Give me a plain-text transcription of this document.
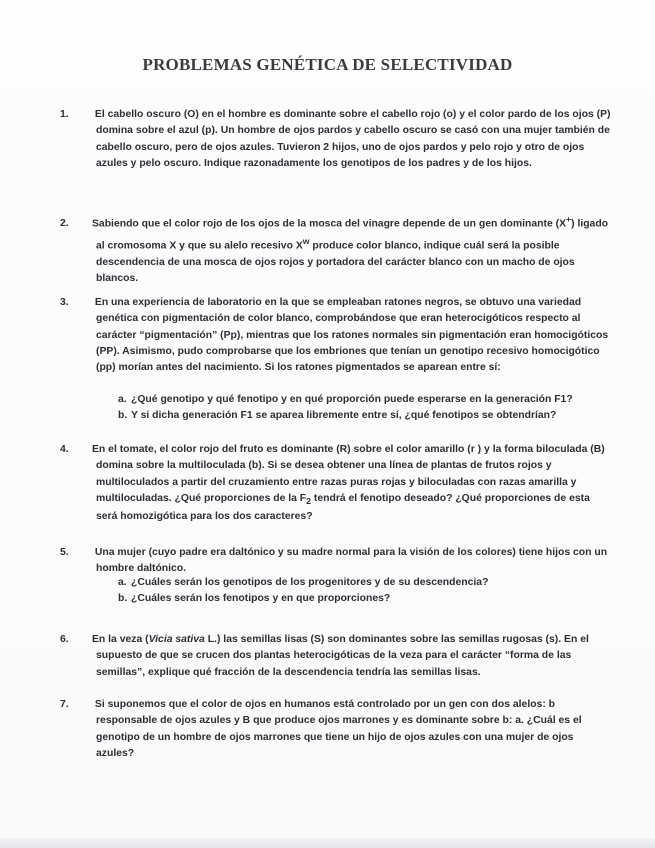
PROBLEMAS GENÉTICA DE SELECTIVIDAD

1.	El cabello oscuro (O) en el hombre es dominante sobre el cabello rojo (o) y el color pardo de los ojos (P) domina sobre el azul (p). Un hombre de ojos pardos y cabello oscuro se casó con una mujer también de cabello oscuro, pero de ojos azules. Tuvieron 2 hijos, uno de ojos pardos y pelo rojo y otro de ojos azules y pelo oscuro. Indique razonadamente los genotipos de los padres y de los hijos.

2. Sabiendo que el color rojo de los ojos de la mosca del vinagre depende de un gen dominante (X+) ligado al cromosoma X y que su alelo recesivo $X^w$ produce color blanco, indique cuál será la posible descendencia de una mosca de ojos rojos y portadora del carácter blanco con un macho de ojos blancos.

3.	En una experiencia de laboratorio en la que se empleaban ratones negros, se obtuvo una variedad genética con pigmentación de color blanco, comprobándose que eran heterocigóticos respecto al carácter “pigmentación” (Pp), mientras que los ratones normales sin pigmentación eran homocigóticos (PP). Asimismo, pudo comprobarse que los embriones que tenían un genotipo recesivo homocigótico (pp) morían antes del nacimiento. Si los ratones pigmentados se aparean entre sí:

a. ¿Qué genotipo y qué fenotipo y en qué proporción puede esperarse en la generación F1?

b. Y si dicha generación F1 se aparea libremente entre sí, ¿qué fenotipos se obtendrían?

4. En el tomate, el color rojo del fruto es dominante (R) sobre el color amarillo (r ) y la forma biloculada (B) domina sobre la multiloculada (b). Si se desea obtener una línea de plantas de frutos rojos y multiloculados a partir del cruzamiento entre razas puras rojas y biloculadas con razas amarilla y multiloculadas. ¿Qué proporciones de la $F_2$ tendrá el fenotipo deseado? ¿Qué proporciones de esta será homozigótica para los dos caracteres?

5.	Una mujer (cuyo padre era daltónico y su madre normal para la visión de los colores) tiene hijos con un hombre daltónico.

a. ¿Cuáles serán los genotipos de los progenitores y de su descendencia?

b. ¿Cuáles serán los fenotipos y en que proporciones?

6. En la veza (Vicia sativa L.) las semillas lisas (S) son dominantes sobre las semillas rugosas (s). En el supuesto de que se crucen dos plantas heterocigóticas de la veza para el carácter “forma de las semillas”, explique qué fracción de la descendencia tendría las semillas lisas.

7.	Si suponemos que el color de ojos en humanos está controlado por un gen con dos alelos: b responsable de ojos azules y B que produce ojos marrones y es dominante sobre b: a. ¿Cuál es el genotipo de un hombre de ojos marrones que tiene un hijo de ojos azules con una mujer de ojos azules?
